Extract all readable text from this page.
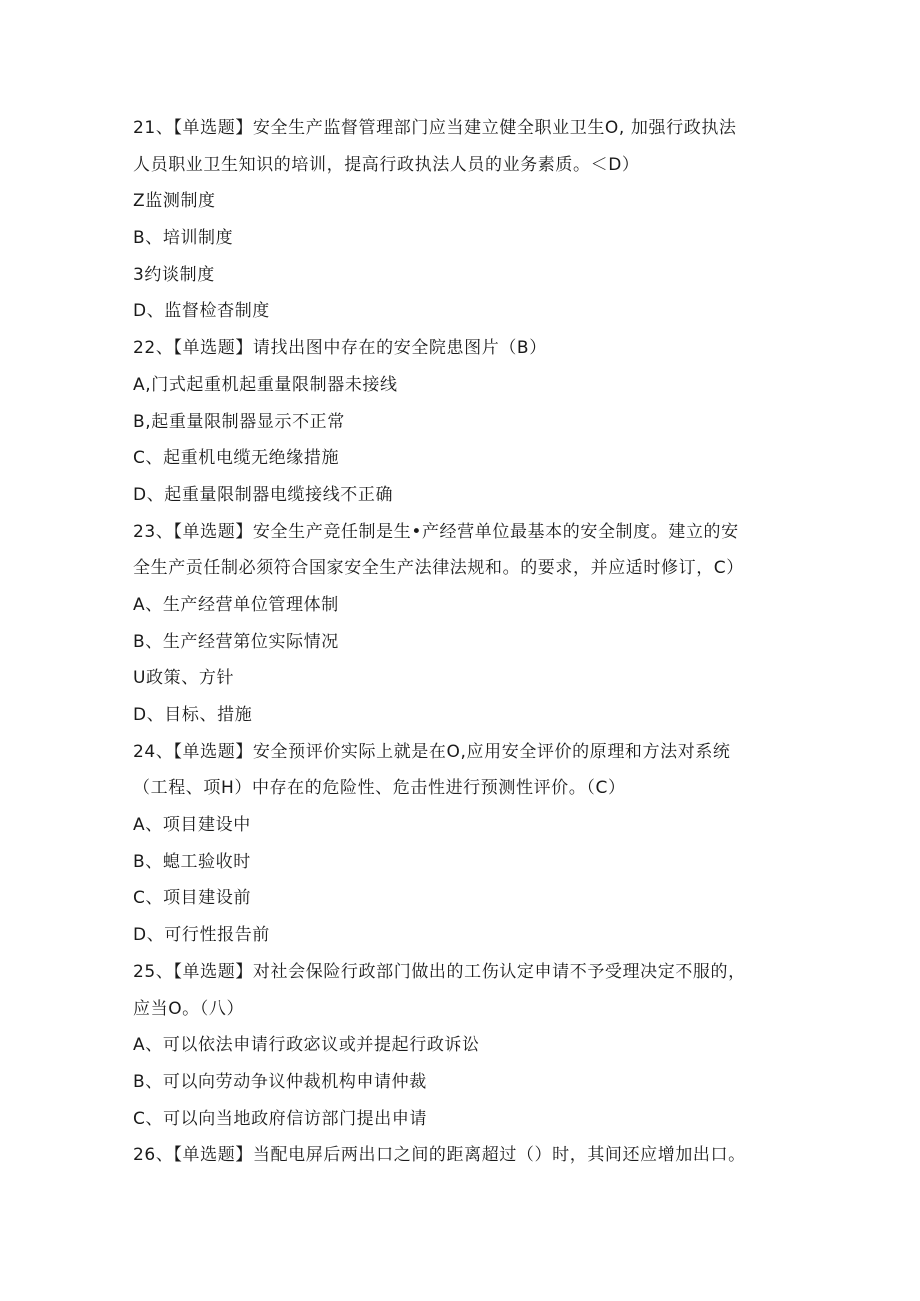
21、【单选题】安全生产监督管理部门应当建立健全职业卫生O, 加强行政执法
人员职业卫生知识的培训，提高行政执法人员的业务素质。＜D）
Z监测制度
B、培训制度
3约谈制度
D、监督检杳制度
22、【单选题】请找出图中存在的安全院患图片（B）
A,门式起重机起重量限制器未接线
B,起重量限制器显示不正常
C、起重机电缆无绝缘措施
D、起重量限制器电缆接线不正确
23、【单选题】安全生产竞任制是生•产经营单位最基本的安全制度。建立的安
全生产贡任制必须符合国家安全生产法律法规和。的要求，并应适时修订，C）
A、生产经营单位管理体制
B、生产经营第位实际情况
U政策、方针
D、目标、措施
24、【单选题】安全预评价实际上就是在O,应用安全评价的原理和方法对系统
（工程、项H）中存在的危险性、危击性进行预测性评价。（C）
A、项目建设中
B、螅工验收时
C、项目建设前
D、可行性报告前
25、【单选题】对社会保险行政部门做出的工伤认定申请不予受理决定不服的，
应当O。（八）
A、可以依法申请行政宓议或并提起行政诉讼
B、可以向劳动争议仲裁机构申请仲裁
C、可以向当地政府信访部门提出申请
26、【单选题】当配电屏后两出口之间的距离超过（）时，其间还应增加出口。
